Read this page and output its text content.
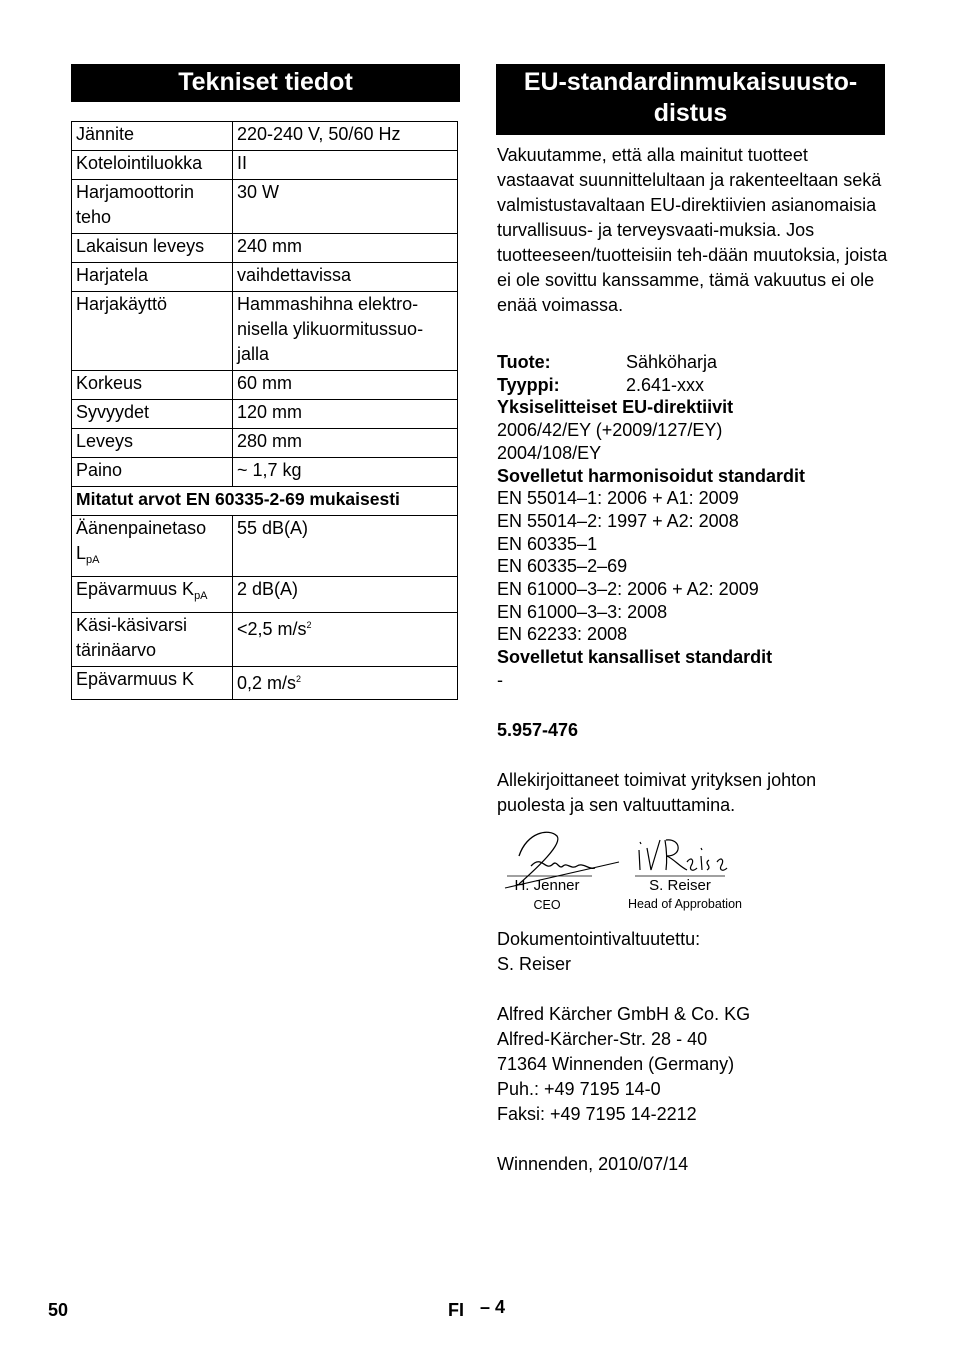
Tekniset tiedot
Jännite	220-240 V, 50/60 Hz
Kotelointiluokka	II
Harjamoottorin teho	30 W
Lakaisun leveys	240 mm
Harjatela	vaihdettavissa
Harjakäyttö	Hammashihna elektro-nisella ylikuormitussuo-jalla
Korkeus	60 mm
Syvyydet	120 mm
Leveys	280 mm
Paino	~ 1,7 kg
Mitatut arvot EN 60335-2-69 mukaisesti	
Äänenpainetaso $L_{pA}$	55 dB(A)
Epävarmuus $K_{pA}$	2 dB(A)
Käsi-käsivarsi tärinäarvo	<2,5 $m/s^2$
Epävarmuus K	0,2 $m/s^2$
EU-standardinmukaisuusto-distus
Vakuutamme, että alla mainitut tuotteet vastaavat suunnittelultaan ja rakenteeltaan sekä valmistustavaltaan EU-direktiivien asianomaisia turvallisuus- ja terveysvaati-muksia. Jos tuotteeseen/tuotteisiin teh-dään muutoksia, joista ei ole sovittu kanssamme, tämä vakuutus ei ole enää voimassa.
Tuote:	Sähköharja
Tyyppi:	2.641-xxx
Yksiselitteiset EU-direktiivit
2006/42/EY (+2009/127/EY)
2004/108/EY
Sovelletut harmonisoidut standardit
EN 55014–1: 2006 + A1: 2009
EN 55014–2: 1997 + A2: 2008
EN 60335–1
EN 60335–2–69
EN 61000–3–2: 2006 + A2: 2009
EN 61000–3–3: 2008
EN 62233: 2008
Sovelletut kansalliset standardit
-
5.957-476
Allekirjoittaneet toimivat yrityksen johton puolesta ja sen valtuuttamina.
H. Jenner
CEO
S. Reiser
Head of Approbation
Dokumentointivaltuutettu:
S. Reiser
Alfred Kärcher GmbH & Co. KG
Alfred-Kärcher-Str. 28 - 40
71364 Winnenden (Germany)
Puh.: +49 7195 14-0
Faksi: +49 7195 14-2212
Winnenden, 2010/07/14
50	FI – 4
